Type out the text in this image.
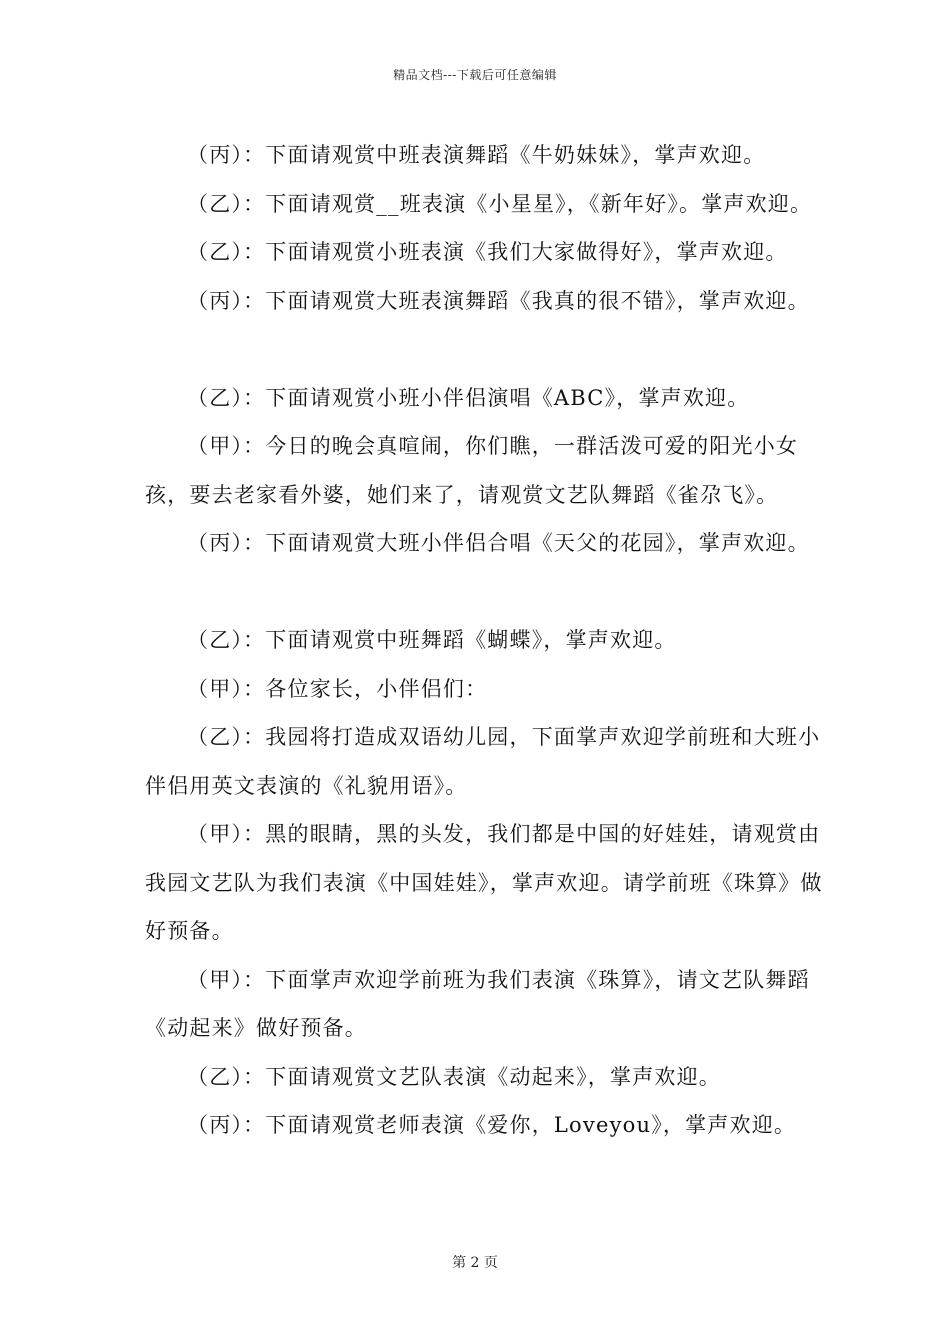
精品文档---下载后可任意编辑

（丙）：下面请观赏中班表演舞蹈《牛奶妹妹》，掌声欢迎。

（乙）：下面请观赏__班表演《小星星》，《新年好》。掌声欢迎。

（乙）：下面请观赏小班表演《我们大家做得好》，掌声欢迎。

（丙）：下面请观赏大班表演舞蹈《我真的很不错》，掌声欢迎。

（乙）：下面请观赏小班小伴侣演唱《ABC》，掌声欢迎。

（甲）：今日的晚会真喧闹，你们瞧，一群活泼可爱的阳光小女孩，要去老家看外婆，她们来了，请观赏文艺队舞蹈《雀尕飞》。

（丙）：下面请观赏大班小伴侣合唱《天父的花园》，掌声欢迎。

（乙）：下面请观赏中班舞蹈《蝴蝶》，掌声欢迎。

（甲）：各位家长，小伴侣们：

（乙）：我园将打造成双语幼儿园，下面掌声欢迎学前班和大班小伴侣用英文表演的《礼貌用语》。

（甲）：黑的眼睛，黑的头发，我们都是中国的好娃娃，请观赏由我园文艺队为我们表演《中国娃娃》，掌声欢迎。请学前班《珠算》做好预备。

（甲）：下面掌声欢迎学前班为我们表演《珠算》，请文艺队舞蹈《动起来》做好预备。

（乙）：下面请观赏文艺队表演《动起来》，掌声欢迎。

（丙）：下面请观赏老师表演《爱你，Loveyou》，掌声欢迎。

第 2 页
